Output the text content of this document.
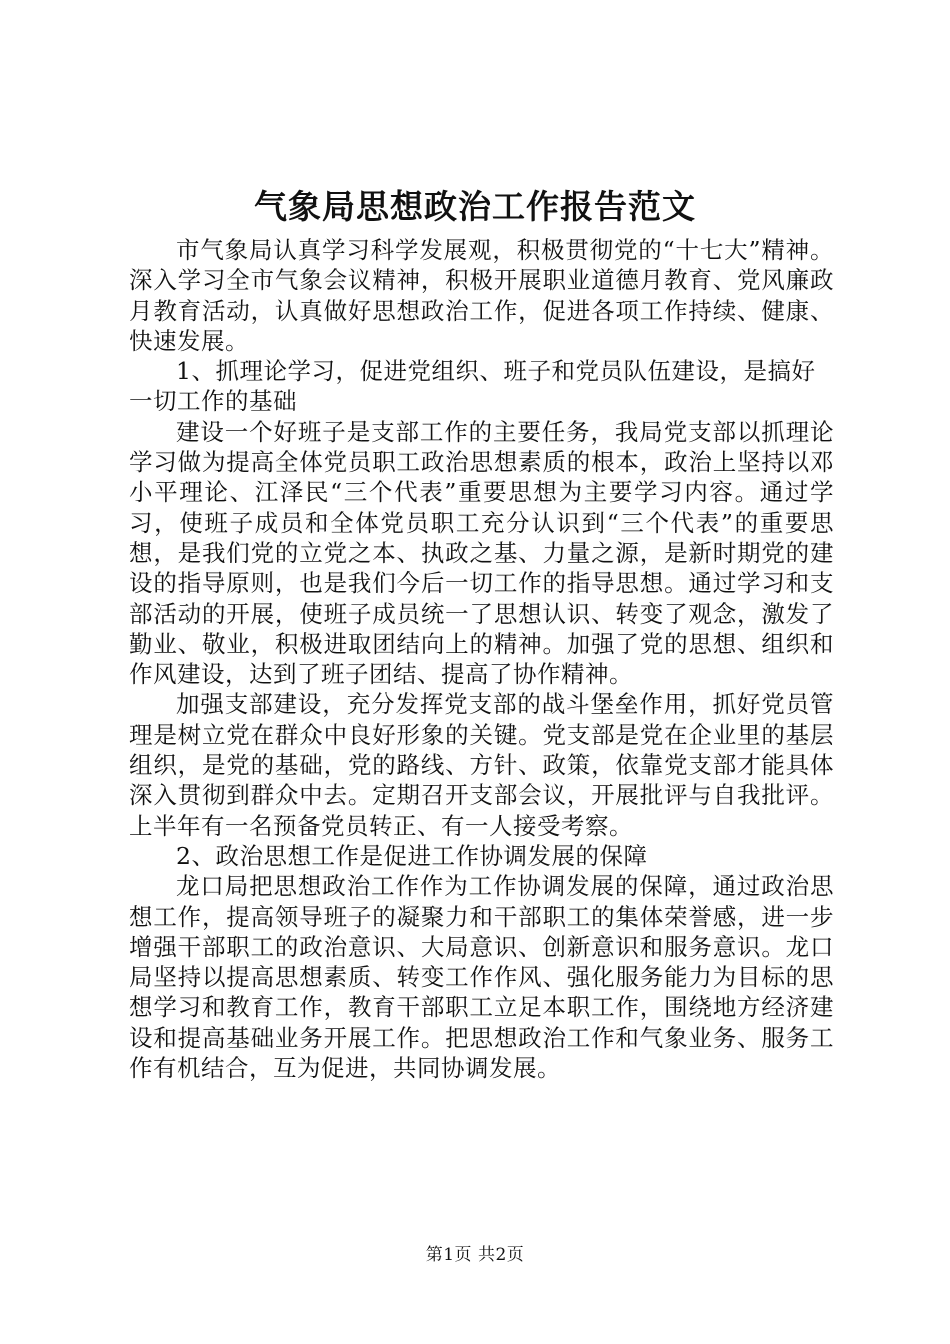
气象局思想政治工作报告范文

市气象局认真学习科学发展观，积极贯彻党的“十七大”精神。深入学习全市气象会议精神，积极开展职业道德月教育、党风廉政月教育活动，认真做好思想政治工作，促进各项工作持续、健康、快速发展。

1、抓理论学习，促进党组织、班子和党员队伍建设，是搞好一切工作的基础

建设一个好班子是支部工作的主要任务，我局党支部以抓理论学习做为提高全体党员职工政治思想素质的根本，政治上坚持以邓小平理论、江泽民“三个代表”重要思想为主要学习内容。通过学习，使班子成员和全体党员职工充分认识到“三个代表”的重要思想，是我们党的立党之本、执政之基、力量之源，是新时期党的建设的指导原则，也是我们今后一切工作的指导思想。通过学习和支部活动的开展，使班子成员统一了思想认识、转变了观念，激发了勤业、敬业，积极进取团结向上的精神。加强了党的思想、组织和作风建设，达到了班子团结、提高了协作精神。

加强支部建设，充分发挥党支部的战斗堡垒作用，抓好党员管理是树立党在群众中良好形象的关键。党支部是党在企业里的基层组织，是党的基础，党的路线、方针、政策，依靠党支部才能具体深入贯彻到群众中去。定期召开支部会议，开展批评与自我批评。上半年有一名预备党员转正、有一人接受考察。

2、政治思想工作是促进工作协调发展的保障

龙口局把思想政治工作作为工作协调发展的保障，通过政治思想工作，提高领导班子的凝聚力和干部职工的集体荣誉感，进一步增强干部职工的政治意识、大局意识、创新意识和服务意识。龙口局坚持以提高思想素质、转变工作作风、强化服务能力为目标的思想学习和教育工作，教育干部职工立足本职工作，围绕地方经济建设和提高基础业务开展工作。把思想政治工作和气象业务、服务工作有机结合，互为促进，共同协调发展。

第1页 共2页
